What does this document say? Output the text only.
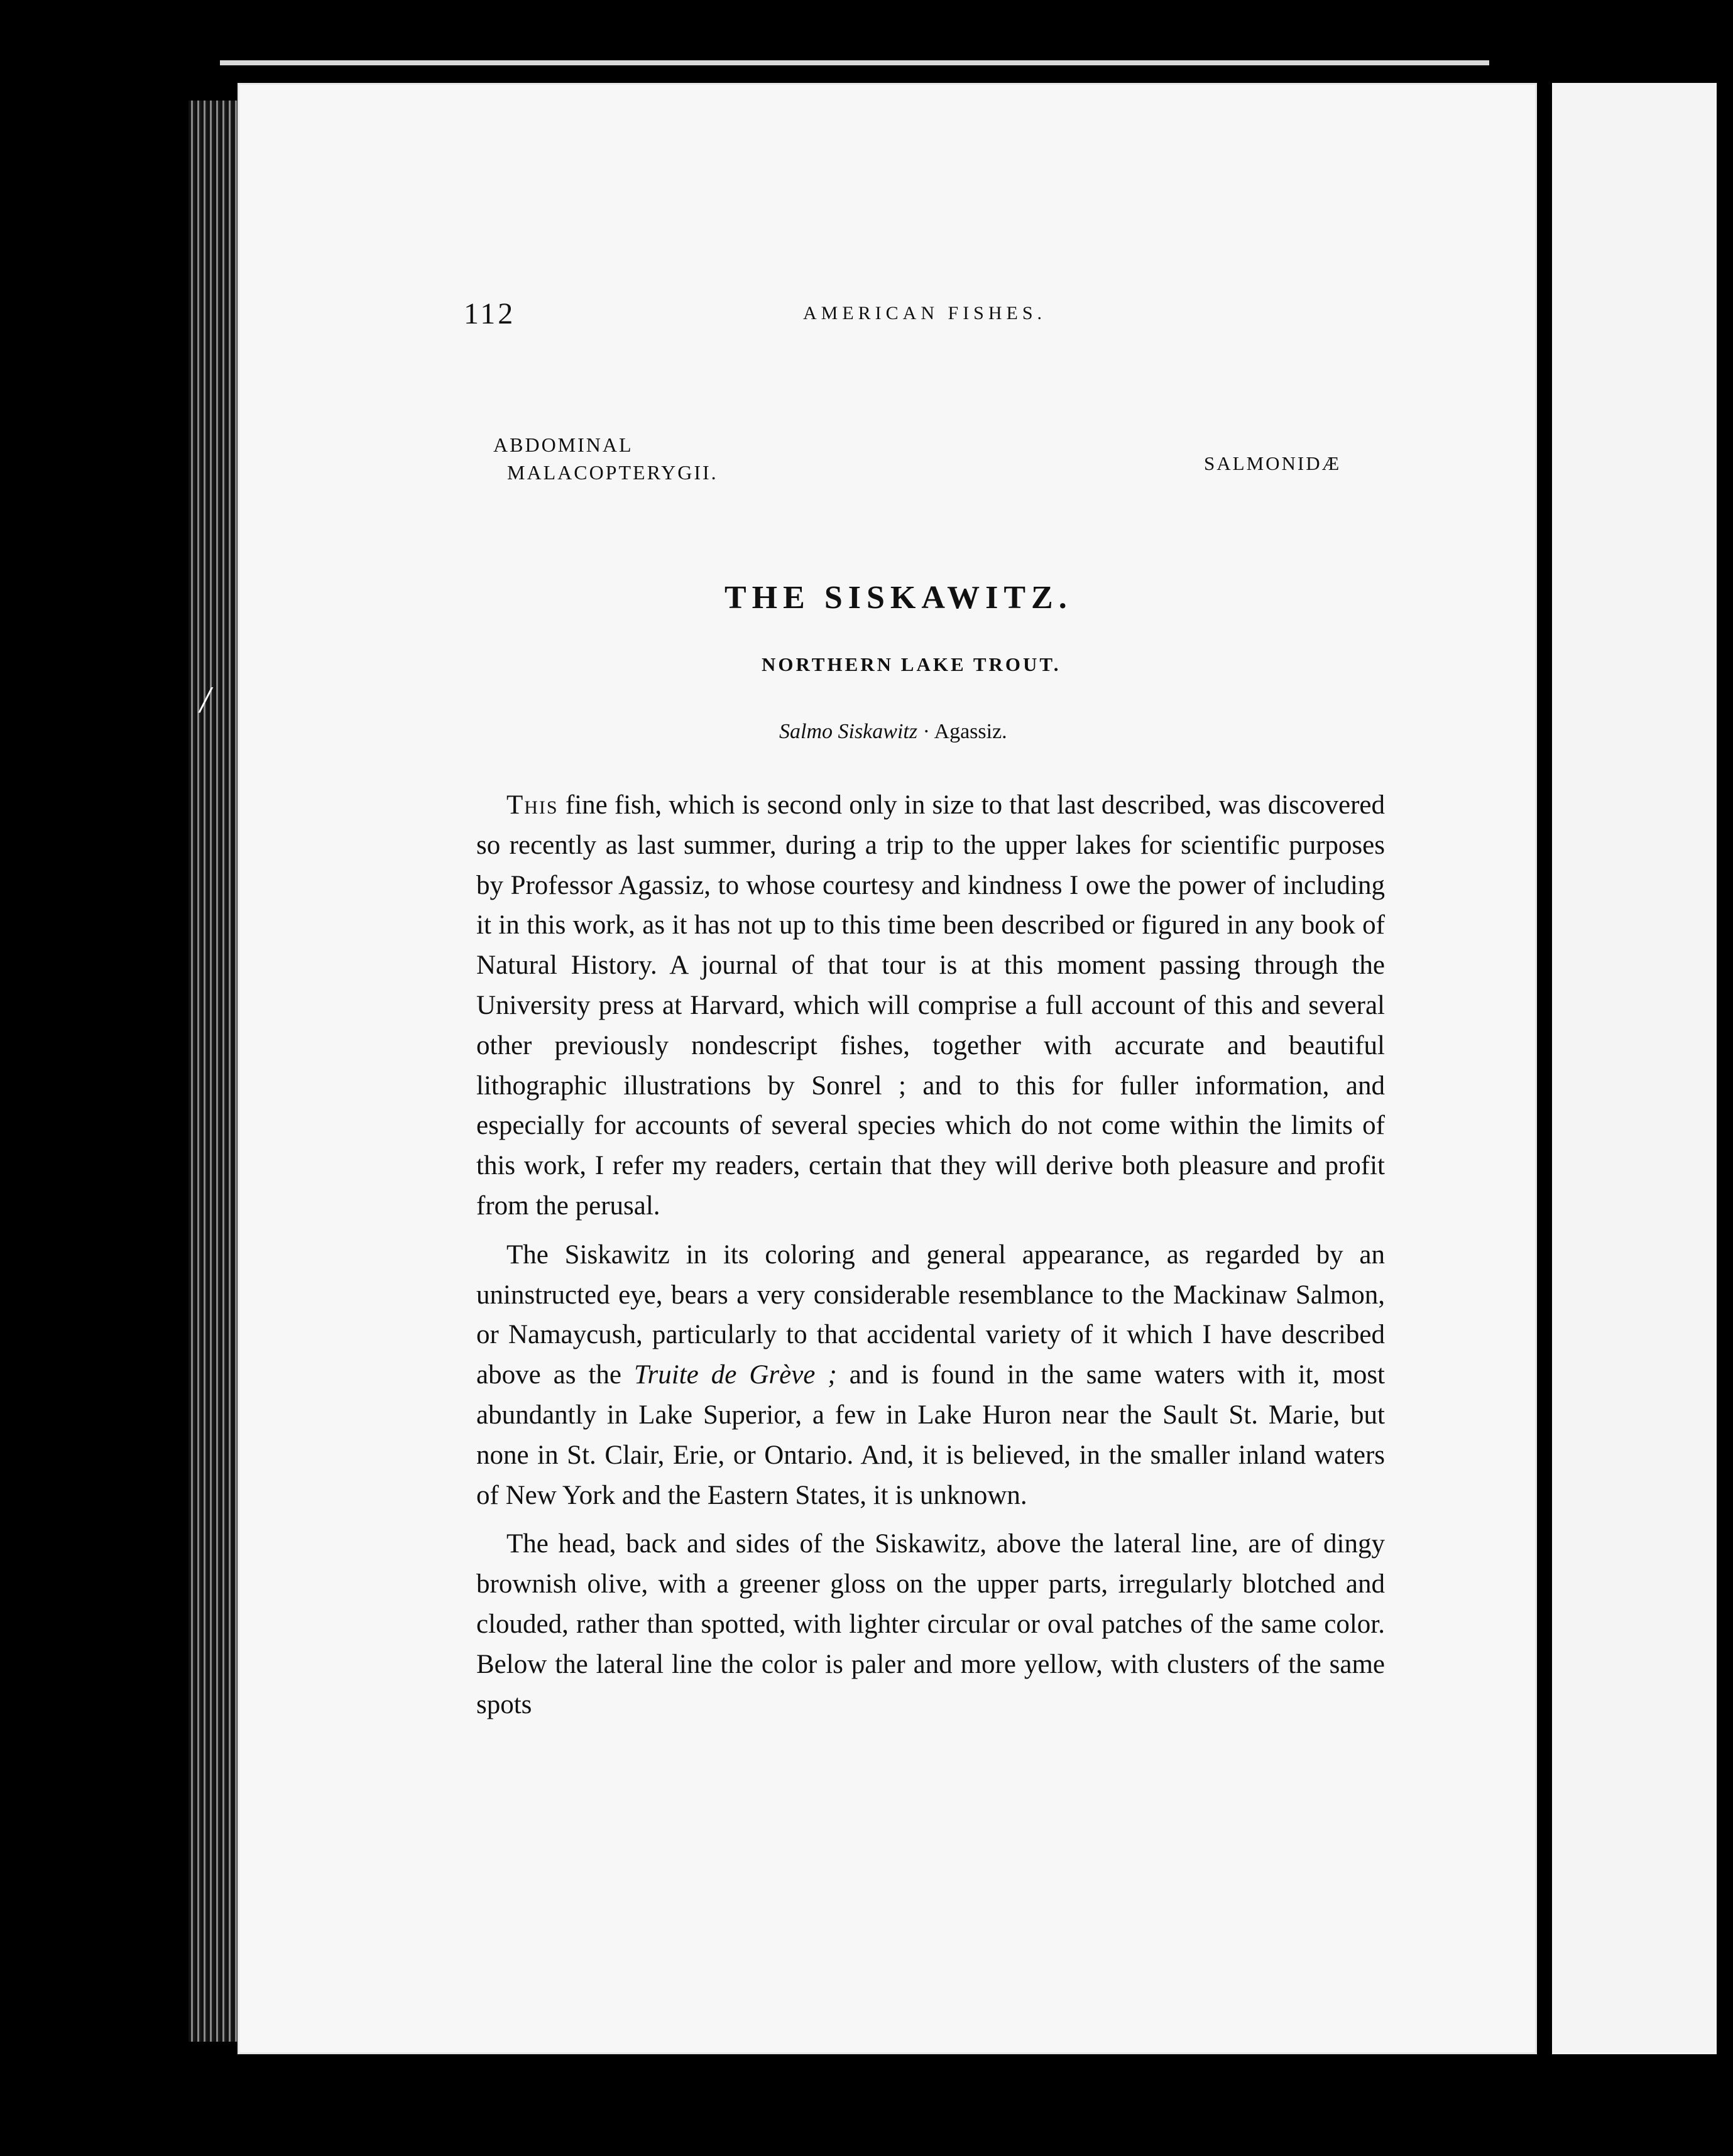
/
112	AMERICAN FISHES.
ABDOMINAL
MALACOPTERYGII.	SALMONIDÆ
THE SISKAWITZ.
NORTHERN LAKE TROUT.
Salmo Siskawitz · Agassiz.

This fine fish, which is second only in size to that last described, was discovered so recently as last summer, during a trip to the upper lakes for scientific purposes by Professor Agassiz, to whose courtesy and kindness I owe the power of including it in this work, as it has not up to this time been described or figured in any book of Natural History. A journal of that tour is at this moment passing through the University press at Harvard, which will comprise a full account of this and several other previously nondescript fishes, together with accurate and beautiful lithographic illustrations by Sonrel ; and to this for fuller information, and especially for accounts of several species which do not come within the limits of this work, I refer my readers, certain that they will derive both pleasure and profit from the perusal.

The Siskawitz in its coloring and general appearance, as regarded by an uninstructed eye, bears a very considerable resemblance to the Mackinaw Salmon, or Namaycush, particularly to that accidental variety of it which I have described above as the Truite de Grève ; and is found in the same waters with it, most abundantly in Lake Superior, a few in Lake Huron near the Sault St. Marie, but none in St. Clair, Erie, or Ontario. And, it is believed, in the smaller inland waters of New York and the Eastern States, it is unknown.

The head, back and sides of the Siskawitz, above the lateral line, are of dingy brownish olive, with a greener gloss on the upper parts, irregularly blotched and clouded, rather than spotted, with lighter circular or oval patches of the same color. Below the lateral line the color is paler and more yellow, with clusters of the same spots
